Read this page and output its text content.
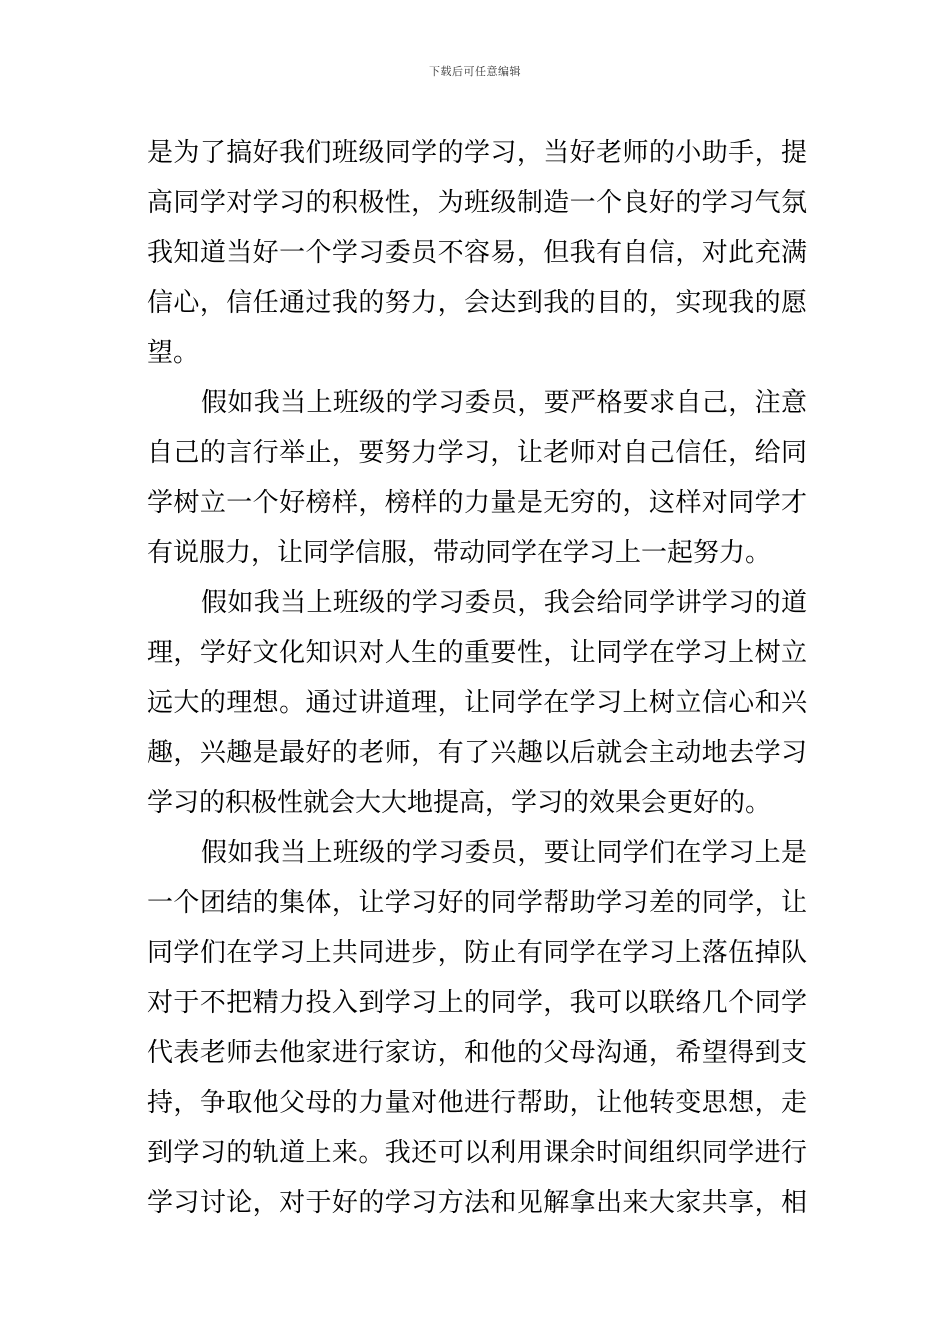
下载后可任意编辑
是为了搞好我们班级同学的学习，当好老师的小助手，提
高同学对学习的积极性，为班级制造一个良好的学习气氛
我知道当好一个学习委员不容易，但我有自信，对此充满
信心，信任通过我的努力，会达到我的目的，实现我的愿
望。
假如我当上班级的学习委员，要严格要求自己，注意
自己的言行举止，要努力学习，让老师对自己信任，给同
学树立一个好榜样，榜样的力量是无穷的，这样对同学才
有说服力，让同学信服，带动同学在学习上一起努力。
假如我当上班级的学习委员，我会给同学讲学习的道
理，学好文化知识对人生的重要性，让同学在学习上树立
远大的理想。通过讲道理，让同学在学习上树立信心和兴
趣，兴趣是最好的老师，有了兴趣以后就会主动地去学习
学习的积极性就会大大地提高，学习的效果会更好的。
假如我当上班级的学习委员，要让同学们在学习上是
一个团结的集体，让学习好的同学帮助学习差的同学，让
同学们在学习上共同进步，防止有同学在学习上落伍掉队
对于不把精力投入到学习上的同学，我可以联络几个同学
代表老师去他家进行家访，和他的父母沟通，希望得到支
持，争取他父母的力量对他进行帮助，让他转变思想，走
到学习的轨道上来。我还可以利用课余时间组织同学进行
学习讨论，对于好的学习方法和见解拿出来大家共享，相
